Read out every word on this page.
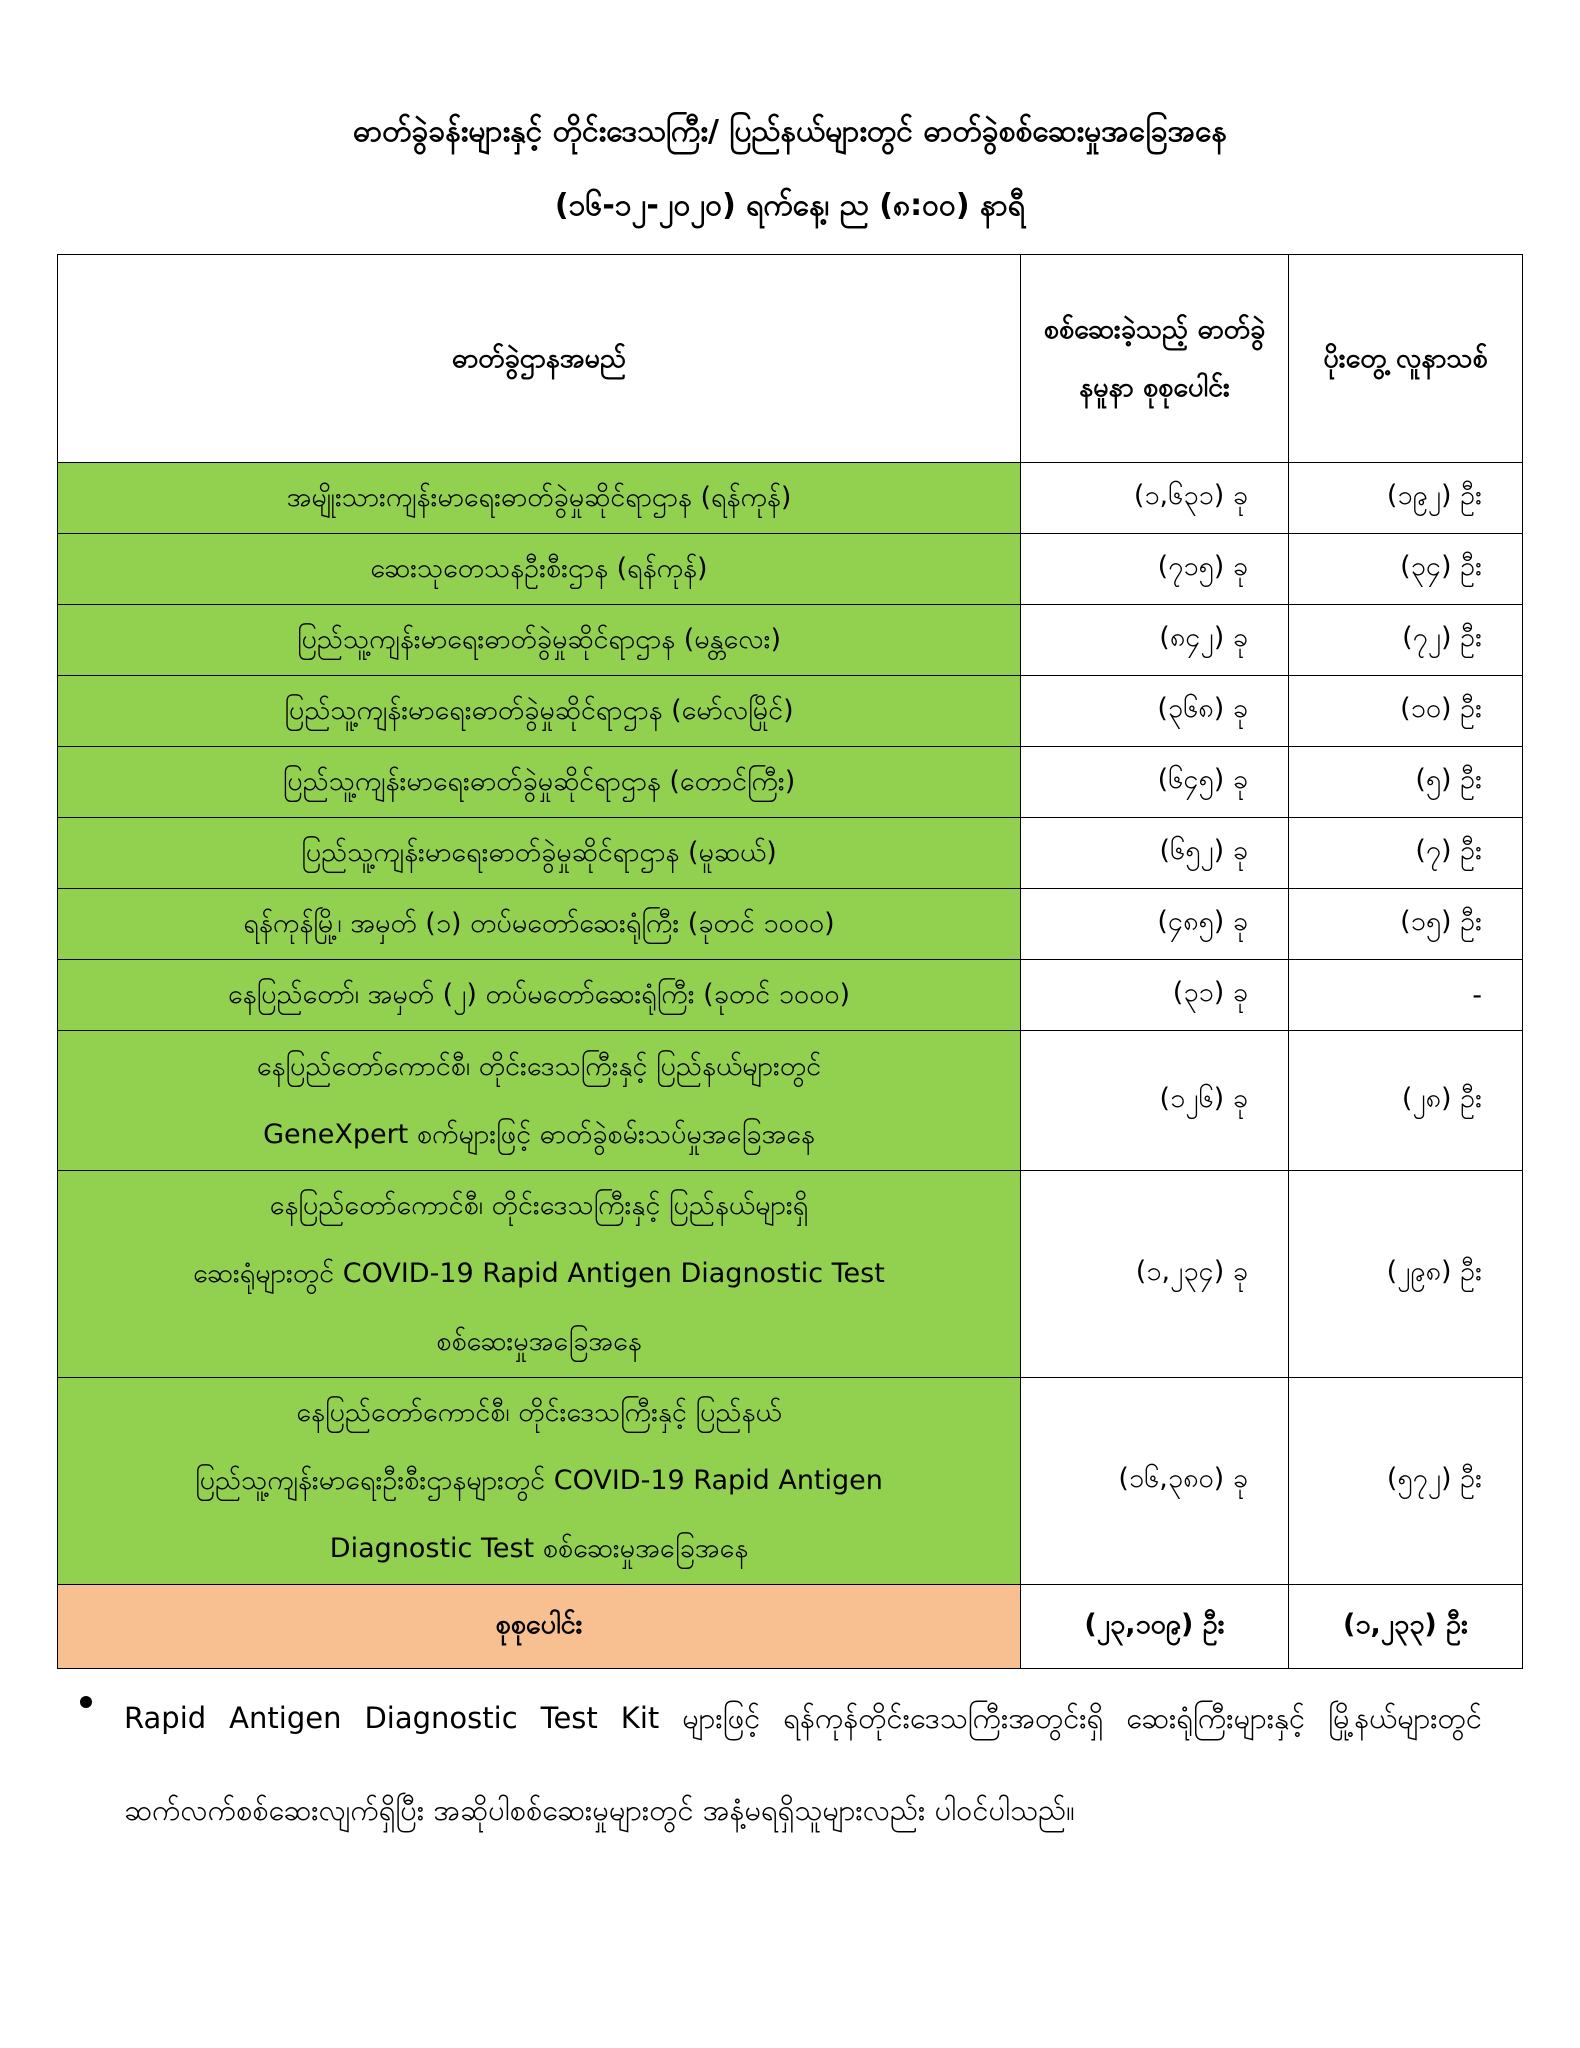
ဓာတ်ခွဲခန်းများနှင့် တိုင်းဒေသကြီး/ ပြည်နယ်များတွင် ဓာတ်ခွဲစစ်ဆေးမှုအခြေအနေ
(၁၆-၁၂-၂၀၂၀) ရက်နေ့၊ ည (၈:၀၀) နာရီ
ဓာတ်ခွဲဌာနအမည်	စစ်ဆေးခဲ့သည့် ဓာတ်ခွဲနမူနာ စုစုပေါင်း	ပိုးတွေ့ လူနာသစ်
အမျိုးသားကျန်းမာရေးဓာတ်ခွဲမှုဆိုင်ရာဌာန (ရန်ကုန်)	(၁,၆၃၁) ခု	(၁၉၂) ဦး
ဆေးသုတေသနဦးစီးဌာန (ရန်ကုန်)	(၇၁၅) ခု	(၃၄) ဦး
ပြည်သူ့ကျန်းမာရေးဓာတ်ခွဲမှုဆိုင်ရာဌာန (မန္တလေး)	(၈၄၂) ခု	(၇၂) ဦး
ပြည်သူ့ကျန်းမာရေးဓာတ်ခွဲမှုဆိုင်ရာဌာန (မော်လမြိုင်)	(၃၆၈) ခု	(၁၀) ဦး
ပြည်သူ့ကျန်းမာရေးဓာတ်ခွဲမှုဆိုင်ရာဌာန (တောင်ကြီး)	(၆၄၅) ခု	(၅) ဦး
ပြည်သူ့ကျန်းမာရေးဓာတ်ခွဲမှုဆိုင်ရာဌာန (မူဆယ်)	(၆၅၂) ခု	(၇) ဦး
ရန်ကုန်မြို့၊ အမှတ် (၁) တပ်မတော်ဆေးရုံကြီး (ခုတင် ၁၀၀၀)	(၄၈၅) ခု	(၁၅) ဦး
နေပြည်တော်၊ အမှတ် (၂) တပ်မတော်ဆေးရုံကြီး (ခုတင် ၁၀၀၀)	(၃၁) ခု	-

နေပြည်တော်ကောင်စီ၊ တိုင်းဒေသကြီးနှင့် ပြည်နယ်များတွင်
GeneXpert စက်များဖြင့် ဓာတ်ခွဲစမ်းသပ်မှုအခြေအနေ	(၁၂၆) ခု	(၂၈) ဦး

နေပြည်တော်ကောင်စီ၊ တိုင်းဒေသကြီးနှင့် ပြည်နယ်များရှိ
ဆေးရုံများတွင် COVID-19 Rapid Antigen Diagnostic Test
စစ်ဆေးမှုအခြေအနေ	(၁,၂၃၄) ခု	(၂၉၈) ဦး

နေပြည်တော်ကောင်စီ၊ တိုင်းဒေသကြီးနှင့် ပြည်နယ်
ပြည်သူ့ကျန်းမာရေးဦးစီးဌာနများတွင် COVID-19 Rapid Antigen
Diagnostic Test စစ်ဆေးမှုအခြေအနေ	(၁၆,၃၈၀) ခု	(၅၇၂) ဦး
စုစုပေါင်း	(၂၃,၁၀၉) ဦး	(၁,၂၃၃) ဦး
Rapid Antigen Diagnostic Test Kit များဖြင့် ရန်ကုန်တိုင်းဒေသကြီးအတွင်းရှိ ဆေးရုံကြီးများနှင့် မြို့နယ်များတွင် ဆက်လက်စစ်ဆေးလျက်ရှိပြီး အဆိုပါစစ်ဆေးမှုများတွင် အနံ့မရရှိသူများလည်း ပါဝင်ပါသည်။
